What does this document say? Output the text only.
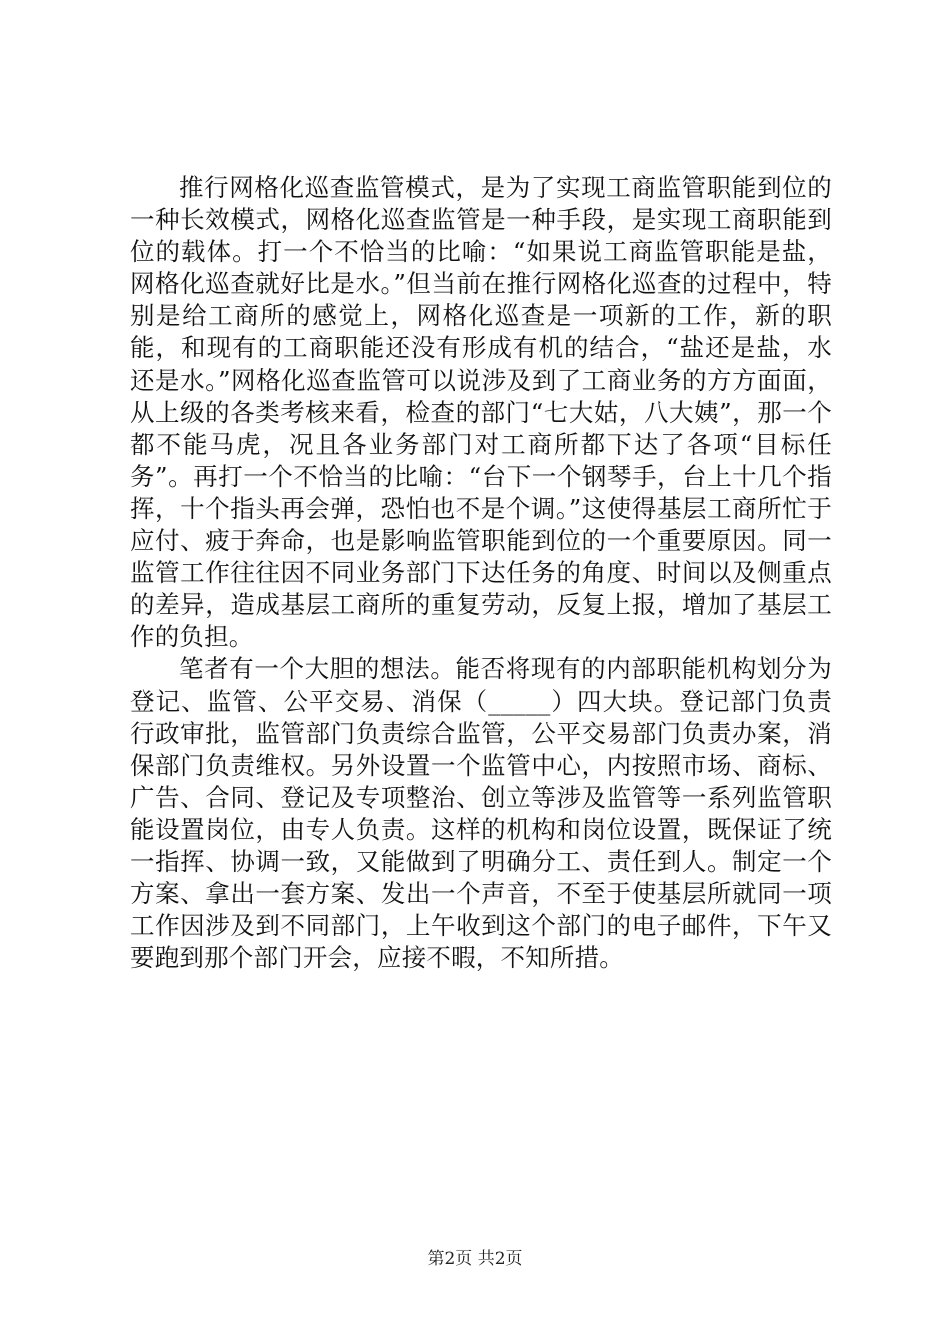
推行网格化巡查监管模式，是为了实现工商监管职能到位的一种长效模式，网格化巡查监管是一种手段，是实现工商职能到位的载体。打一个不恰当的比喻：“如果说工商监管职能是盐，网格化巡查就好比是水。”但当前在推行网格化巡查的过程中，特别是给工商所的感觉上，网格化巡查是一项新的工作，新的职能，和现有的工商职能还没有形成有机的结合，“盐还是盐，水还是水。”网格化巡查监管可以说涉及到了工商业务的方方面面，从上级的各类考核来看，检查的部门“七大姑，八大姨”，那一个都不能马虎，况且各业务部门对工商所都下达了各项“目标任务”。再打一个不恰当的比喻：“台下一个钢琴手，台上十几个指挥，十个指头再会弹，恐怕也不是个调。”这使得基层工商所忙于应付、疲于奔命，也是影响监管职能到位的一个重要原因。同一监管工作往往因不同业务部门下达任务的角度、时间以及侧重点的差异，造成基层工商所的重复劳动，反复上报，增加了基层工作的负担。

笔者有一个大胆的想法。能否将现有的内部职能机构划分为登记、监管、公平交易、消保（_____）四大块。登记部门负责行政审批，监管部门负责综合监管，公平交易部门负责办案，消保部门负责维权。另外设置一个监管中心，内按照市场、商标、广告、合同、登记及专项整治、创立等涉及监管等一系列监管职能设置岗位，由专人负责。这样的机构和岗位设置，既保证了统一指挥、协调一致，又能做到了明确分工、责任到人。制定一个方案、拿出一套方案、发出一个声音，不至于使基层所就同一项工作因涉及到不同部门，上午收到这个部门的电子邮件，下午又要跑到那个部门开会，应接不暇，不知所措。

第2页 共2页
